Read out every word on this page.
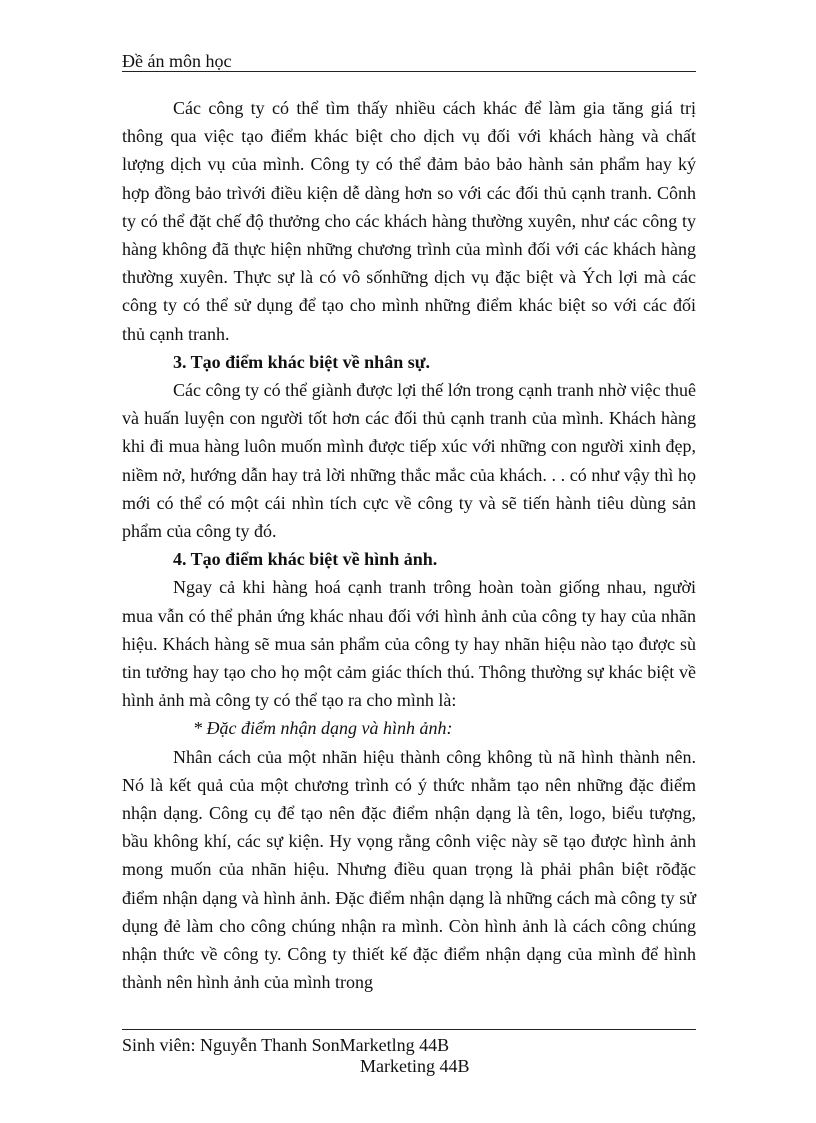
Đề án môn học

Các công ty có thể tìm thấy nhiều cách khác để làm gia tăng giá trị thông qua việc tạo điểm khác biệt cho dịch vụ đối với khách hàng và chất lượng dịch vụ của mình. Công ty có thể đảm bảo bảo hành sản phẩm hay ký hợp đồng bảo trìvới điều kiện dễ dàng hơn so với các đối thủ cạnh tranh. Cônh ty có thể đặt chế độ thưởng cho các khách hàng thường xuyên, như các công ty hàng không đã thực hiện những chương trình của mình đối với các khách hàng thường xuyên. Thực sự là có vô sốnhững dịch vụ đặc biệt và Ých lợi mà các công ty có thể sử dụng để tạo cho mình những điểm khác biệt so với các đối thủ cạnh tranh.

3. Tạo điểm khác biệt về nhân sự.

Các công ty có thể giành được lợi thế lớn trong cạnh tranh nhờ việc thuê và huấn luyện con người tốt hơn các đối thủ cạnh tranh của mình. Khách hàng khi đi mua hàng luôn muốn mình được tiếp xúc với những con người xinh đẹp, niềm nở, hướng dẫn hay trả lời những thắc mắc của khách. . . có như vậy thì họ mới có thể có một cái nhìn tích cực về công ty và sẽ tiến hành tiêu dùng sản phẩm của công ty đó.

4. Tạo điểm khác biệt về hình ảnh.

Ngay cả khi hàng hoá cạnh tranh trông hoàn toàn giống nhau, người mua vẫn có thể phản ứng khác nhau đối với hình ảnh của công ty hay của nhãn hiệu. Khách hàng sẽ mua sản phẩm của công ty hay nhãn hiệu nào tạo được sù tin tưởng hay tạo cho họ một cảm giác thích thú. Thông thường sự khác biệt về hình ảnh mà công ty có thể tạo ra cho mình là:

* Đặc điểm nhận dạng và hình ảnh:

Nhân cách của một nhãn hiệu thành công không tù nã hình thành nên. Nó là kết quả của một chương trình có ý thức nhằm tạo nên những đặc điểm nhận dạng. Công cụ để tạo nên đặc điểm nhận dạng là tên, logo, biểu tượng, bầu không khí, các sự kiện. Hy vọng rằng cônh việc này sẽ tạo được hình ảnh mong muốn của nhãn hiệu. Nhưng điều quan trọng là phải phân biệt rõđặc điểm nhận dạng và hình ảnh. Đặc điểm nhận dạng là những cách mà công ty sử dụng đẻ làm cho công chúng nhận ra mình. Còn hình ảnh là cách công chúng nhận thức về công ty. Công ty thiết kế đặc điểm nhận dạng của mình để hình thành nên hình ảnh của mình trong

Sinh viên: Nguyễn Thanh SonMarketlng 44B
Marketing 44B
